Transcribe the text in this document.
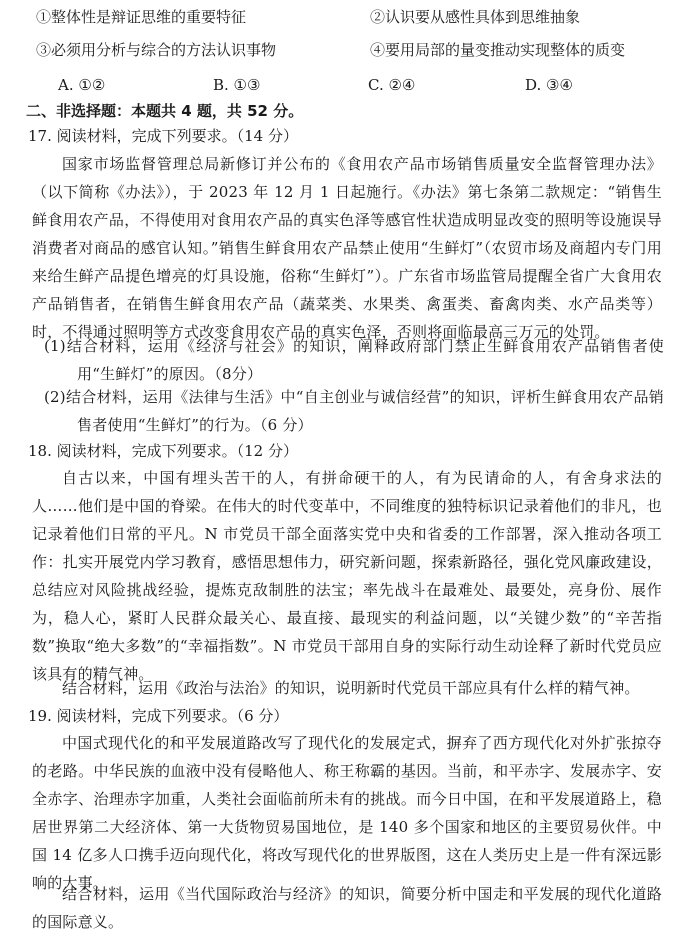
①整体性是辩证思维的重要特征	②认识要从感性具体到思维抽象
③必须用分析与综合的方法认识事物	④要用局部的量变推动实现整体的质变
A. ①②	B. ①③	C. ②④	D. ③④
二、非选择题：本题共 4 题，共 52 分。
17. 阅读材料，完成下列要求。（14 分）
国家市场监督管理总局新修订并公布的《食用农产品市场销售质量安全监督管理办法》（以下简称《办法》），于 2023 年 12 月 1 日起施行。《办法》第七条第二款规定：“销售生鲜食用农产品，不得使用对食用农产品的真实色泽等感官性状造成明显改变的照明等设施误导消费者对商品的感官认知。”销售生鲜食用农产品禁止使用“生鲜灯”（农贸市场及商超内专门用来给生鲜产品提色增亮的灯具设施，俗称“生鲜灯”）。广东省市场监管局提醒全省广大食用农产品销售者，在销售生鲜食用农产品（蔬菜类、水果类、禽蛋类、畜禽肉类、水产品类等）时，不得通过照明等方式改变食用农产品的真实色泽，否则将面临最高三万元的处罚。
(1)结合材料，运用《经济与社会》的知识，阐释政府部门禁止生鲜食用农产品销售者使用“生鲜灯”的原因。（8分）
(2)结合材料，运用《法律与生活》中“自主创业与诚信经营”的知识，评析生鲜食用农产品销售者使用“生鲜灯”的行为。（6 分）
18. 阅读材料，完成下列要求。（12 分）
自古以来，中国有埋头苦干的人，有拼命硬干的人，有为民请命的人，有舍身求法的人……他们是中国的脊梁。在伟大的时代变革中，不同维度的独特标识记录着他们的非凡，也记录着他们日常的平凡。N 市党员干部全面落实党中央和省委的工作部署，深入推动各项工作：扎实开展党内学习教育，感悟思想伟力，研究新问题，探索新路径，强化党风廉政建设，总结应对风险挑战经验，提炼克敌制胜的法宝；率先战斗在最难处、最要处，亮身份、展作为，稳人心，紧盯人民群众最关心、最直接、最现实的利益问题，以“关键少数”的“辛苦指数”换取“绝大多数”的“幸福指数”。N 市党员干部用自身的实际行动生动诠释了新时代党员应该具有的精气神。
结合材料，运用《政治与法治》的知识，说明新时代党员干部应具有什么样的精气神。
19. 阅读材料，完成下列要求。（6 分）
中国式现代化的和平发展道路改写了现代化的发展定式，摒弃了西方现代化对外扩张掠夺的老路。中华民族的血液中没有侵略他人、称王称霸的基因。当前，和平赤字、发展赤字、安全赤字、治理赤字加重，人类社会面临前所未有的挑战。而今日中国，在和平发展道路上，稳居世界第二大经济体、第一大货物贸易国地位，是 140 多个国家和地区的主要贸易伙伴。中国 14 亿多人口携手迈向现代化，将改写现代化的世界版图，这在人类历史上是一件有深远影响的大事。
结合材料，运用《当代国际政治与经济》的知识，简要分析中国走和平发展的现代化道路的国际意义。
